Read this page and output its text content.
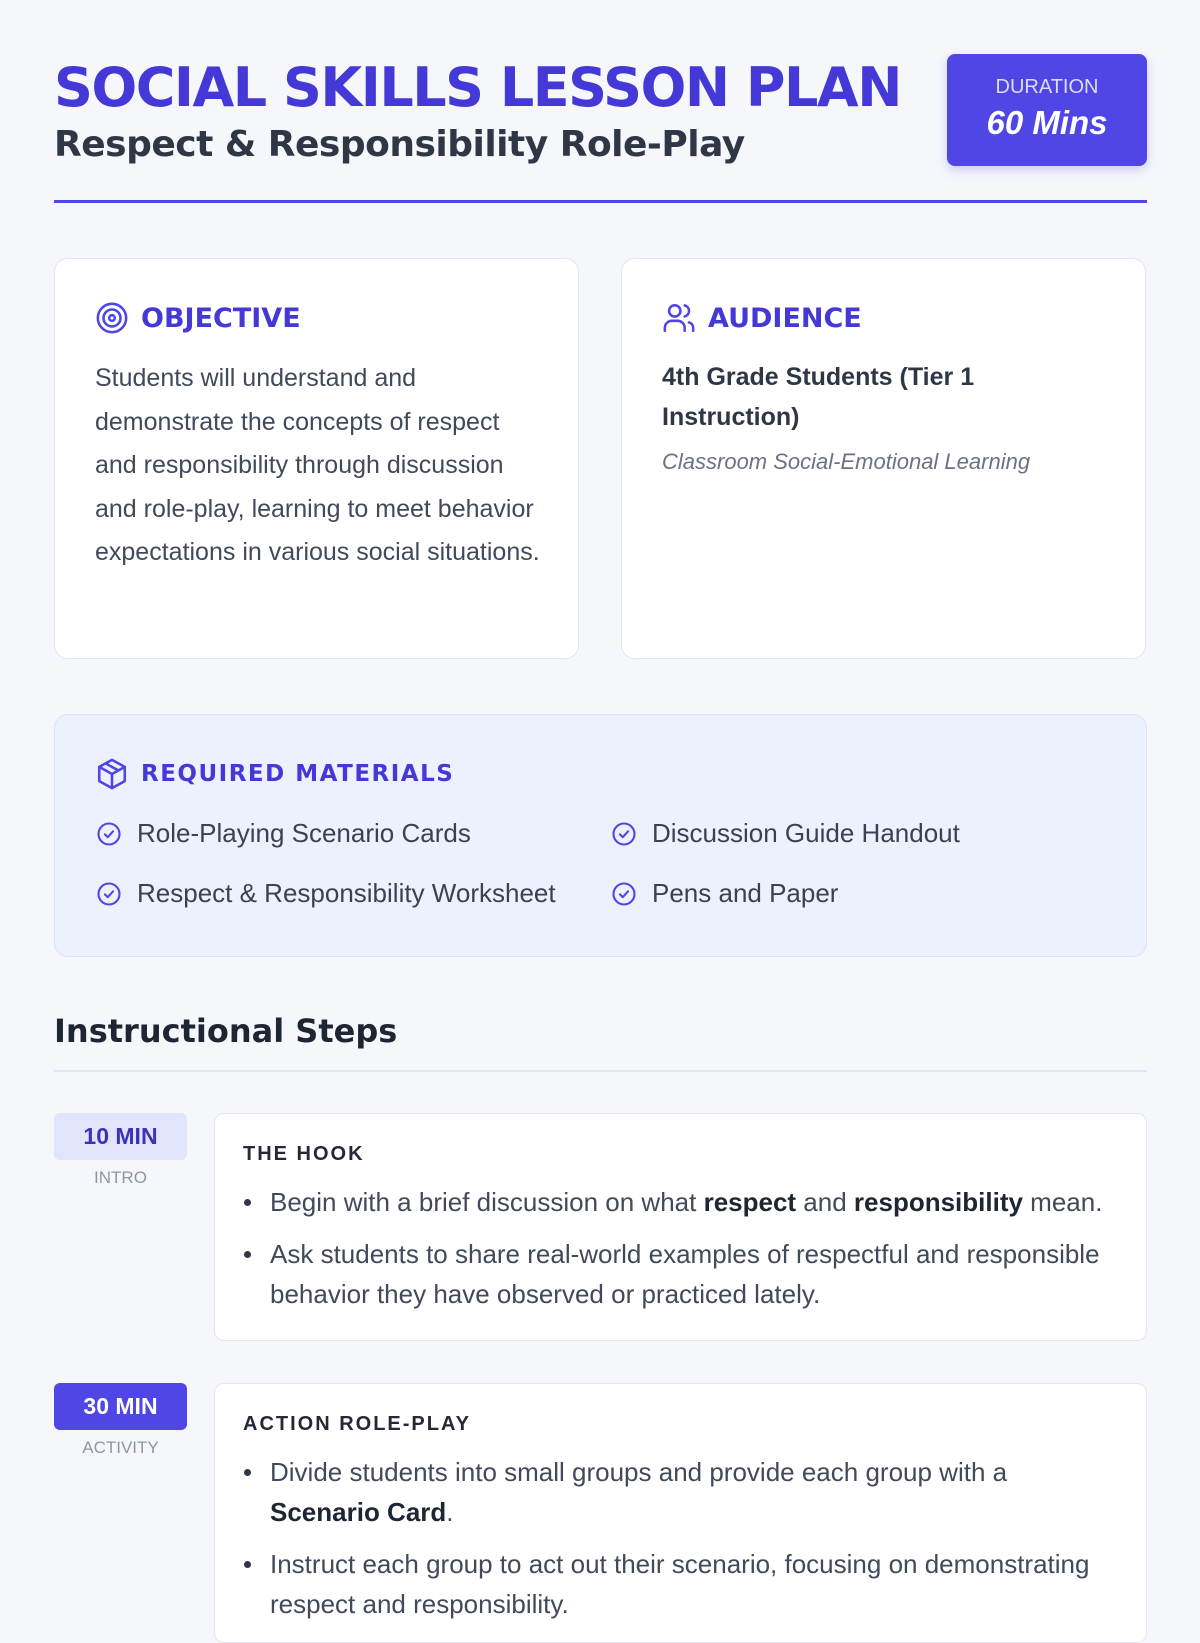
SOCIAL SKILLS LESSON PLAN
Respect & Responsibility Role-Play
DURATION
60 Mins
OBJECTIVE
Students will understand and demonstrate the concepts of respect and responsibility through discussion and role-play, learning to meet behavior expectations in various social situations.
AUDIENCE
4th Grade Students (Tier 1 Instruction)
Classroom Social-Emotional Learning
REQUIRED MATERIALS
Role-Playing Scenario Cards	Discussion Guide Handout
Respect & Responsibility Worksheet	Pens and Paper
Instructional Steps
10 MIN
INTRO
THE HOOK
Begin with a brief discussion on what respect and responsibility mean.
Ask students to share real-world examples of respectful and responsible behavior they have observed or practiced lately.
30 MIN
ACTIVITY
ACTION ROLE-PLAY
Divide students into small groups and provide each group with a Scenario Card.
Instruct each group to act out their scenario, focusing on demonstrating respect and responsibility.
